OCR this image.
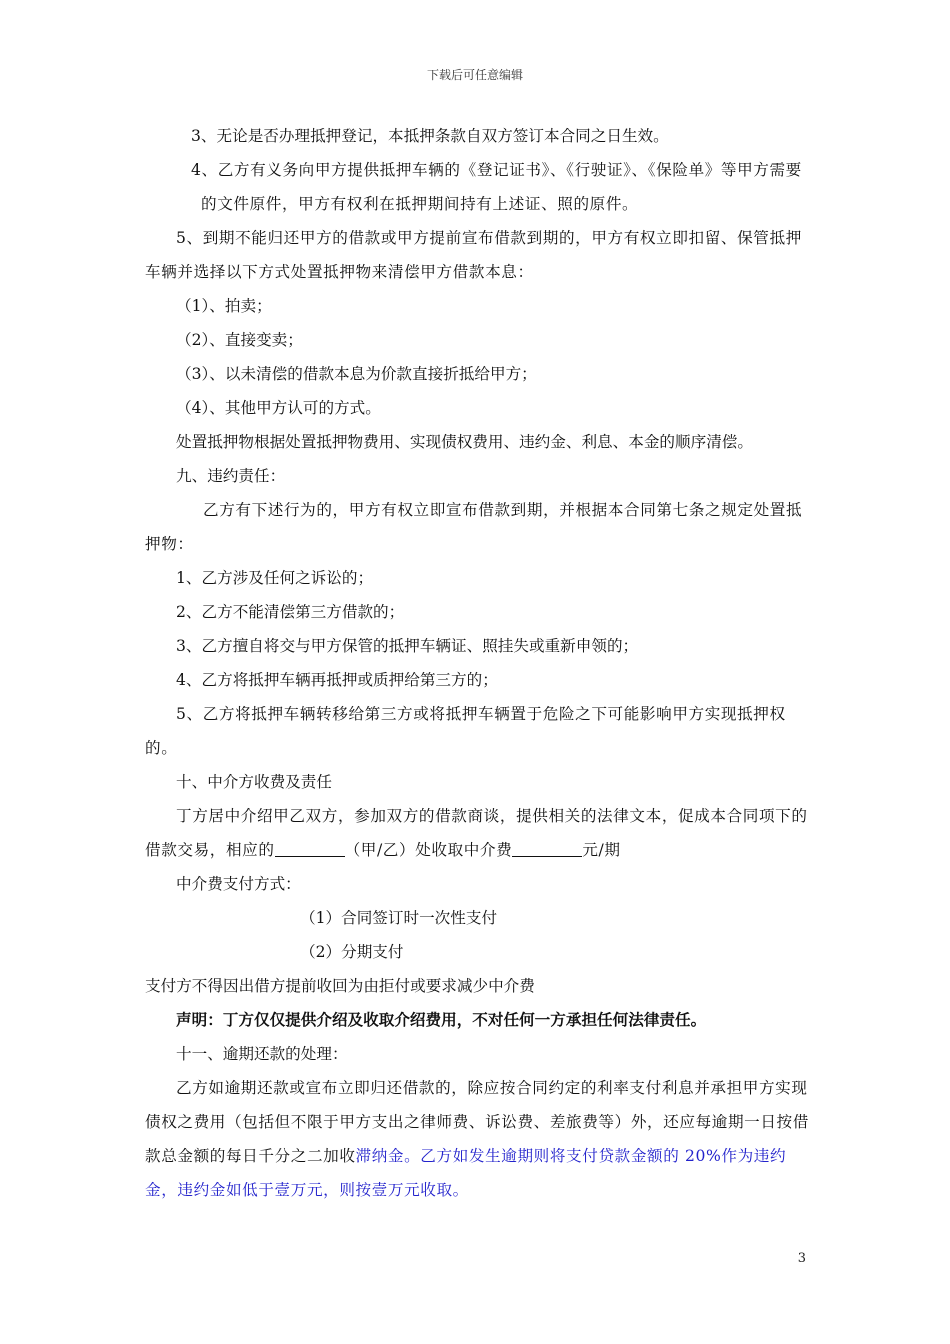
下载后可任意编辑

3、无论是否办理抵押登记，本抵押条款自双方签订本合同之日生效。

4、乙方有义务向甲方提供抵押车辆的《登记证书》、《行驶证》、《保险单》等甲方需要的文件原件，甲方有权利在抵押期间持有上述证、照的原件。

5、到期不能归还甲方的借款或甲方提前宣布借款到期的，甲方有权立即扣留、保管抵押车辆并选择以下方式处置抵押物来清偿甲方借款本息：

（1）、拍卖；

（2）、直接变卖；

（3）、以未清偿的借款本息为价款直接折抵给甲方；

（4）、其他甲方认可的方式。

处置抵押物根据处置抵押物费用、实现债权费用、违约金、利息、本金的顺序清偿。

九、违约责任：

乙方有下述行为的，甲方有权立即宣布借款到期，并根据本合同第七条之规定处置抵押物：

1、乙方涉及任何之诉讼的；

2、乙方不能清偿第三方借款的；

3、乙方擅自将交与甲方保管的抵押车辆证、照挂失或重新申领的；

4、乙方将抵押车辆再抵押或质押给第三方的；

5、乙方将抵押车辆转移给第三方或将抵押车辆置于危险之下可能影响甲方实现抵押权的。

十、中介方收费及责任

丁方居中介绍甲乙双方，参加双方的借款商谈，提供相关的法律文本，促成本合同项下的借款交易，相应的	（甲/乙）处收取中介费	元/期

中介费支付方式：

（1）合同签订时一次性支付

（2）分期支付

支付方不得因出借方提前收回为由拒付或要求减少中介费

声明：丁方仅仅提供介绍及收取介绍费用，不对任何一方承担任何法律责任。

十一、逾期还款的处理：

乙方如逾期还款或宣布立即归还借款的，除应按合同约定的利率支付利息并承担甲方实现债权之费用（包括但不限于甲方支出之律师费、诉讼费、差旅费等）外，还应每逾期一日按借款总金额的每日千分之二加收滞纳金。乙方如发生逾期则将支付贷款金额的 20%作为违约金，违约金如低于壹万元，则按壹万元收取。

3
